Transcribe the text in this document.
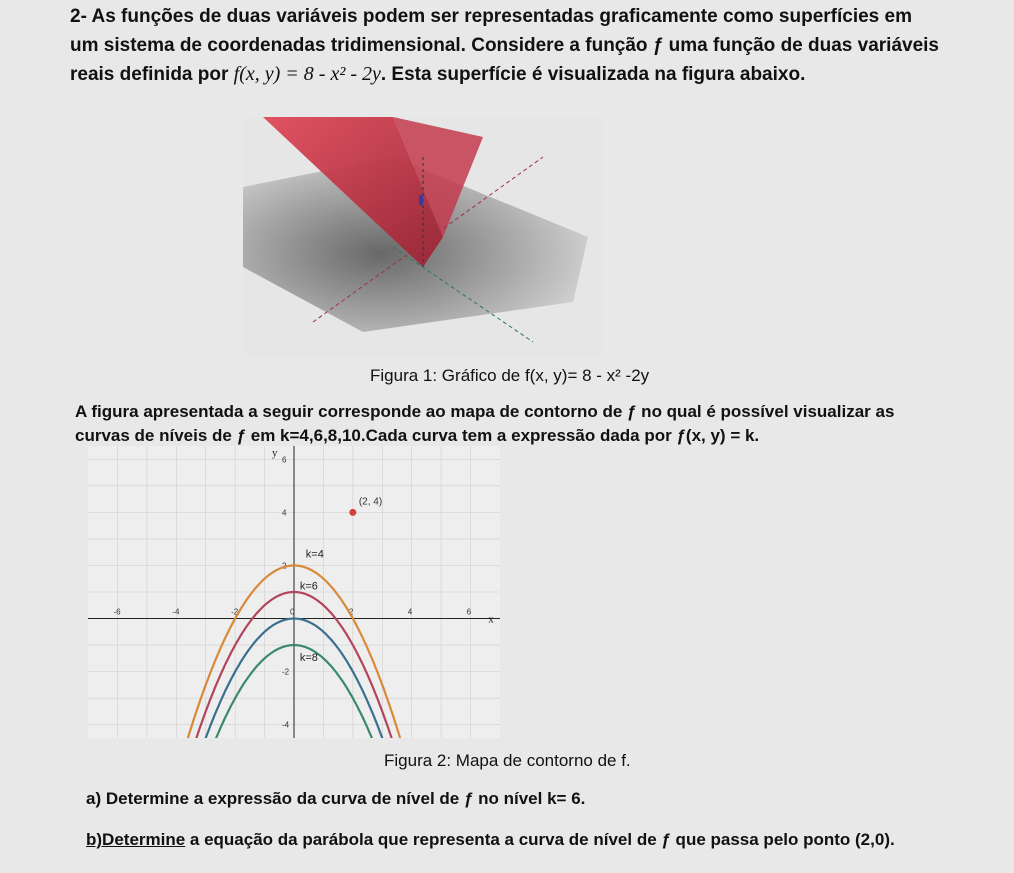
2- As funções de duas variáveis podem ser representadas graficamente como superfícies em
um sistema de coordenadas tridimensional. Considere a função ƒ uma função de duas variáveis
reais definida por f(x, y) = 8 - x² - 2y. Esta superfície é visualizada na figura abaixo.
Figura 1: Gráfico de f(x, y)= 8 - x² -2y
A figura apresentada a seguir corresponde ao mapa de contorno de ƒ no qual é possível visualizar as
curvas de níveis de ƒ em k=4,6,8,10.Cada curva tem a expressão dada por ƒ(x, y) = k.
-6	-4	-2	0	2	4	6
6
4
2
-2
-4
x
y
(2, 4)
k=4
k=6
k=8
Figura 2: Mapa de contorno de f.
a) Determine a expressão da curva de nível de ƒ no nível k= 6.
b)Determine a equação da parábola que representa a curva de nível de ƒ que passa pelo ponto (2,0).
